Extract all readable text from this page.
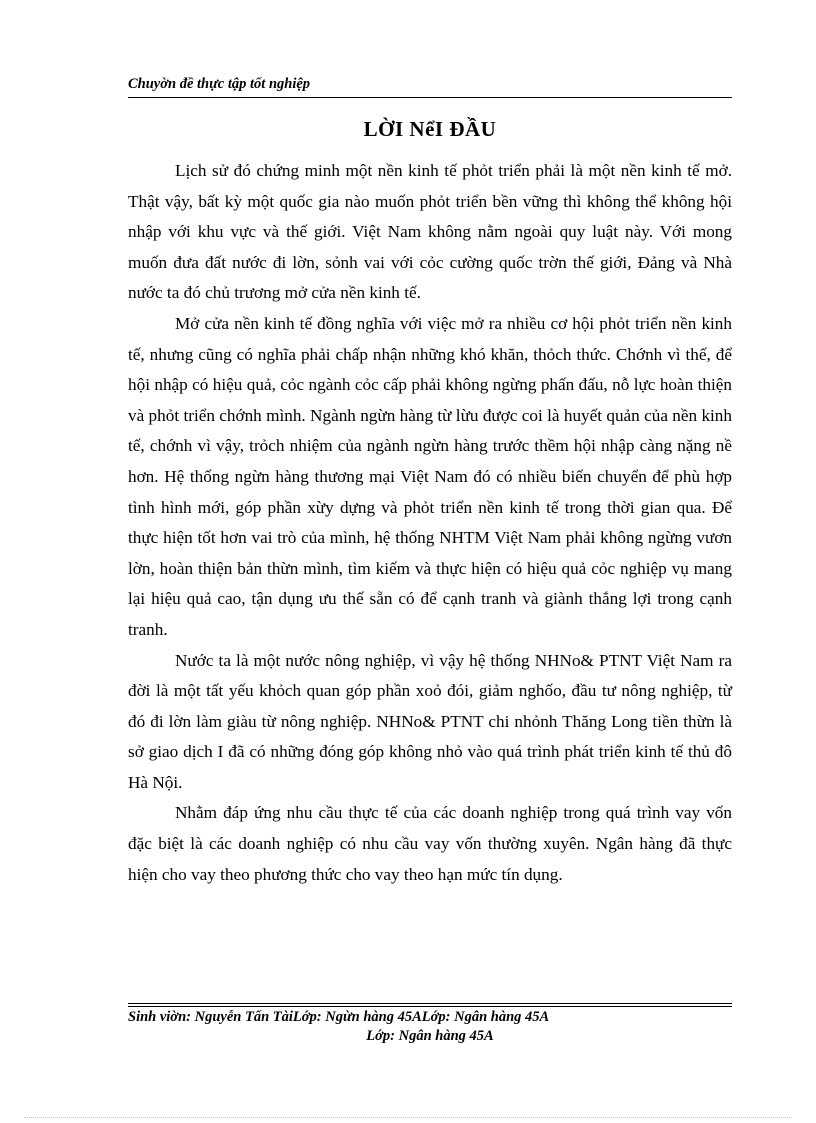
Chuyờn đề thực tập tốt nghiệp
LỜI NểI ĐẦU

Lịch sử đó chứng minh một nền kinh tế phỏt triển phải là một nền kinh tế mở. Thật vậy, bất kỳ một quốc gia nào muốn phỏt triển bền vững thì không thể không hội nhập với khu vực và thế giới. Việt Nam không nằm ngoài quy luật này. Với mong muốn đưa đất nước đi lờn, sỏnh vai với cỏc cường quốc trờn thế giới, Đảng và Nhà nước ta đó chủ trương mở cửa nền kinh tế.

Mở cửa nền kinh tế đồng nghĩa với việc mở ra nhiều cơ hội phỏt triển nền kinh tế, nhưng cũng có nghĩa phải chấp nhận những khó khăn, thỏch thức. Chớnh vì thế, để hội nhập có hiệu quả, cỏc ngành cỏc cấp phải không ngừng phấn đấu, nỗ lực hoàn thiện và phỏt triển chớnh mình. Ngành ngừn hàng từ lừu được coi là huyết quản của nền kinh tế, chớnh vì vậy, trỏch nhiệm của ngành ngừn hàng trước thềm hội nhập càng nặng nề hơn. Hệ thống ngừn hàng thương mại Việt Nam đó có nhiều biến chuyển để phù hợp tình hình mới, góp phần xừy dựng và phỏt triển nền kinh tế trong thời gian qua. Để thực hiện tốt hơn vai trò của mình, hệ thống NHTM Việt Nam phải không ngừng vươn lờn, hoàn thiện bản thừn mình, tìm kiếm và thực hiện có hiệu quả cỏc nghiệp vụ mang lại hiệu quả cao, tận dụng ưu thế sẵn có để cạnh tranh và giành thắng lợi trong cạnh tranh.

Nước ta là một nước nông nghiệp, vì vậy hệ thống NHNo& PTNT Việt Nam ra đời là một tất yếu khỏch quan góp phần xoỏ đói, giảm nghốo, đầu tư nông nghiệp, từ đó đi lờn làm giàu từ nông nghiệp. NHNo& PTNT chi nhỏnh Thăng Long tiền thừn là sở giao dịch I đã có những đóng góp không nhỏ vào quá trình phát triển kinh tế thủ đô Hà Nội.

Nhằm đáp ứng nhu cầu thực tế của các doanh nghiệp trong quá trình vay vốn đặc biệt là các doanh nghiệp có nhu cầu vay vốn thường xuyên. Ngân hàng đã thực hiện cho vay theo phương thức cho vay theo hạn mức tín dụng.

Sinh viờn: Nguyễn Tấn TàiLớp: Ngừn hàng 45ALớp: Ngân hàng 45A
Lớp: Ngân hàng 45A
